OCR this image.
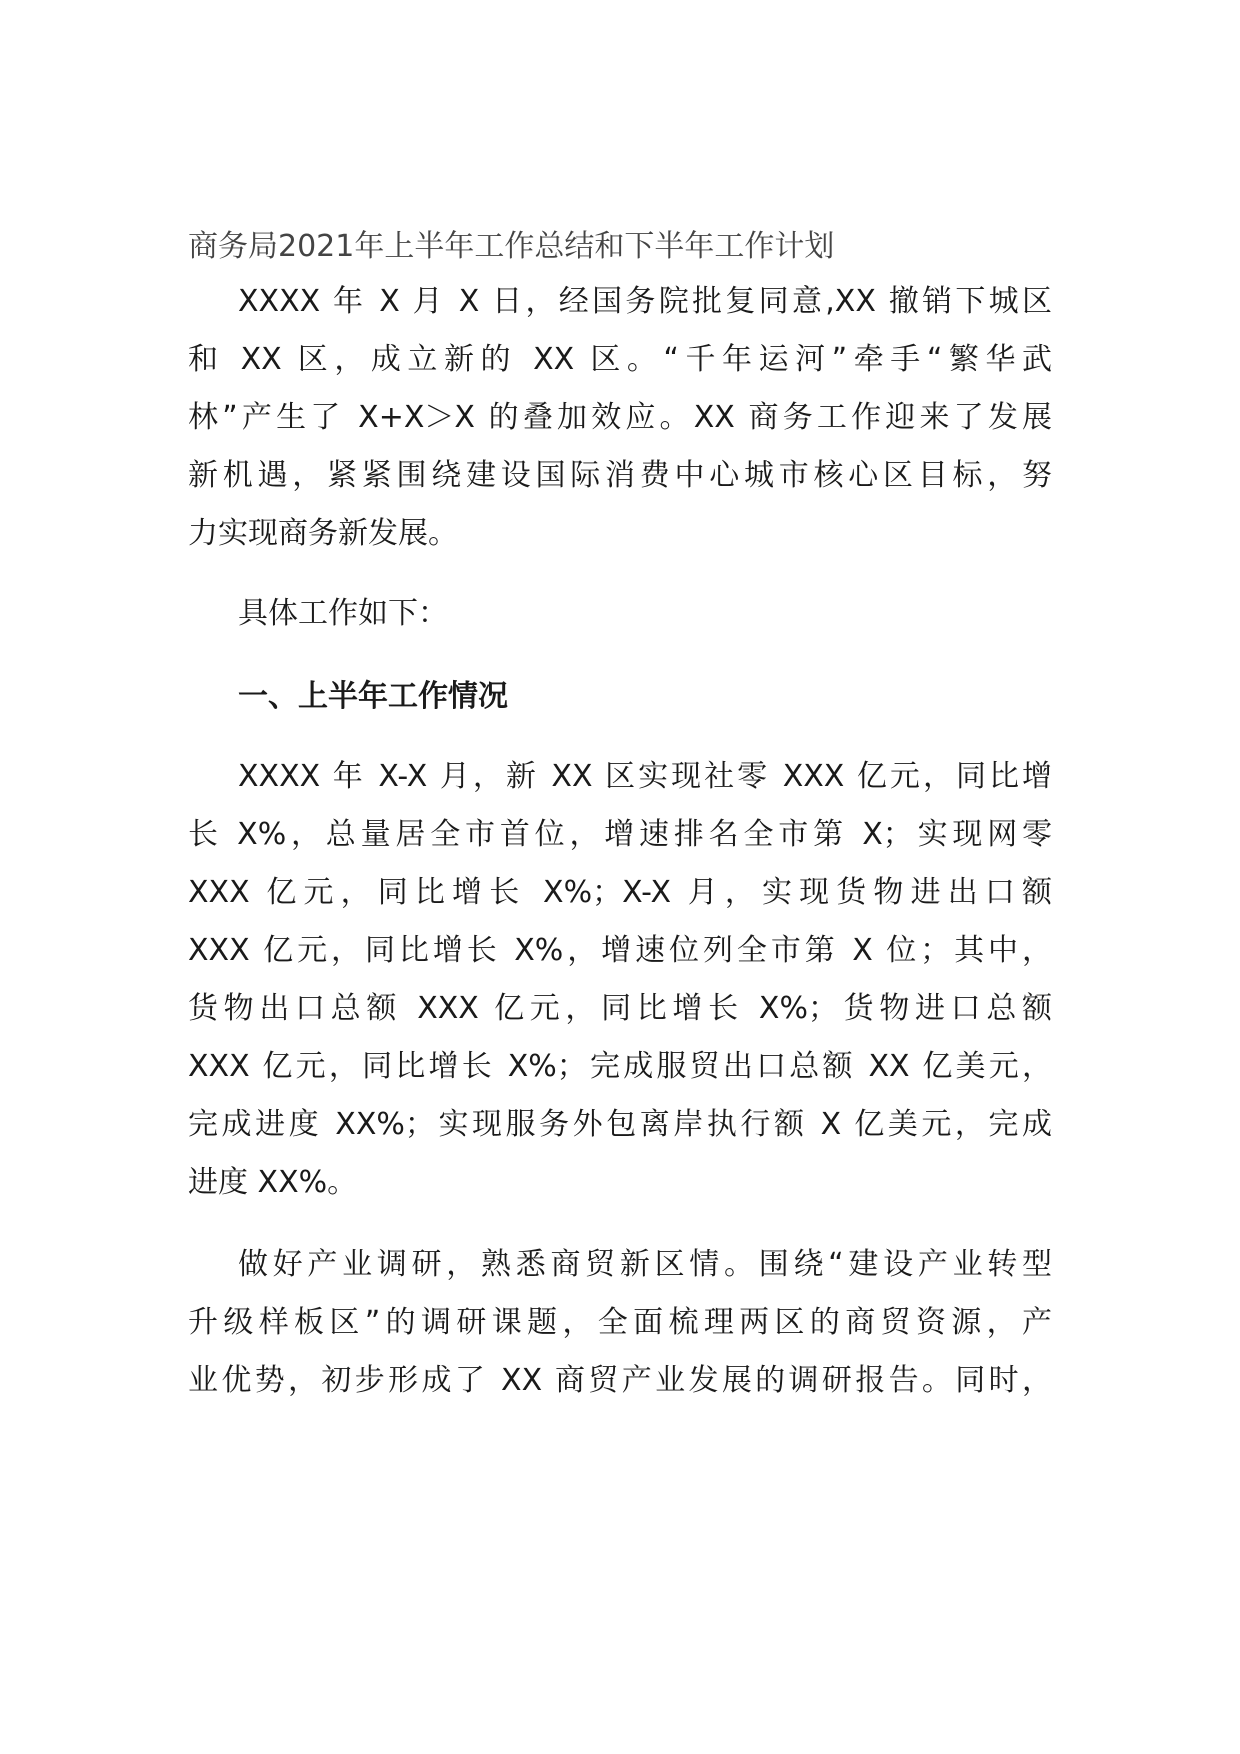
商务局2021年上半年工作总结和下半年工作计划
XXXX 年 X 月 X 日，经国务院批复同意,XX 撤销下城区
和 XX 区，成立新的 XX 区。“千年运河”牵手“繁华武
林”产生了 X+X＞X 的叠加效应。XX 商务工作迎来了发展
新机遇，紧紧围绕建设国际消费中心城市核心区目标，努
力实现商务新发展。
具体工作如下：
一、上半年工作情况
XXXX 年 X-X 月，新 XX 区实现社零 XXX 亿元，同比增
长 X%，总量居全市首位，增速排名全市第 X；实现网零
XXX 亿元，同比增长 X%；X-X 月，实现货物进出口额
XXX 亿元，同比增长 X%，增速位列全市第 X 位；其中，
货物出口总额 XXX 亿元，同比增长 X%；货物进口总额
XXX 亿元，同比增长 X%；完成服贸出口总额 XX 亿美元，
完成进度 XX%；实现服务外包离岸执行额 X 亿美元，完成
进度 XX%。
做好产业调研，熟悉商贸新区情。围绕“建设产业转型
升级样板区”的调研课题，全面梳理两区的商贸资源，产
业优势，初步形成了 XX 商贸产业发展的调研报告。同时，
